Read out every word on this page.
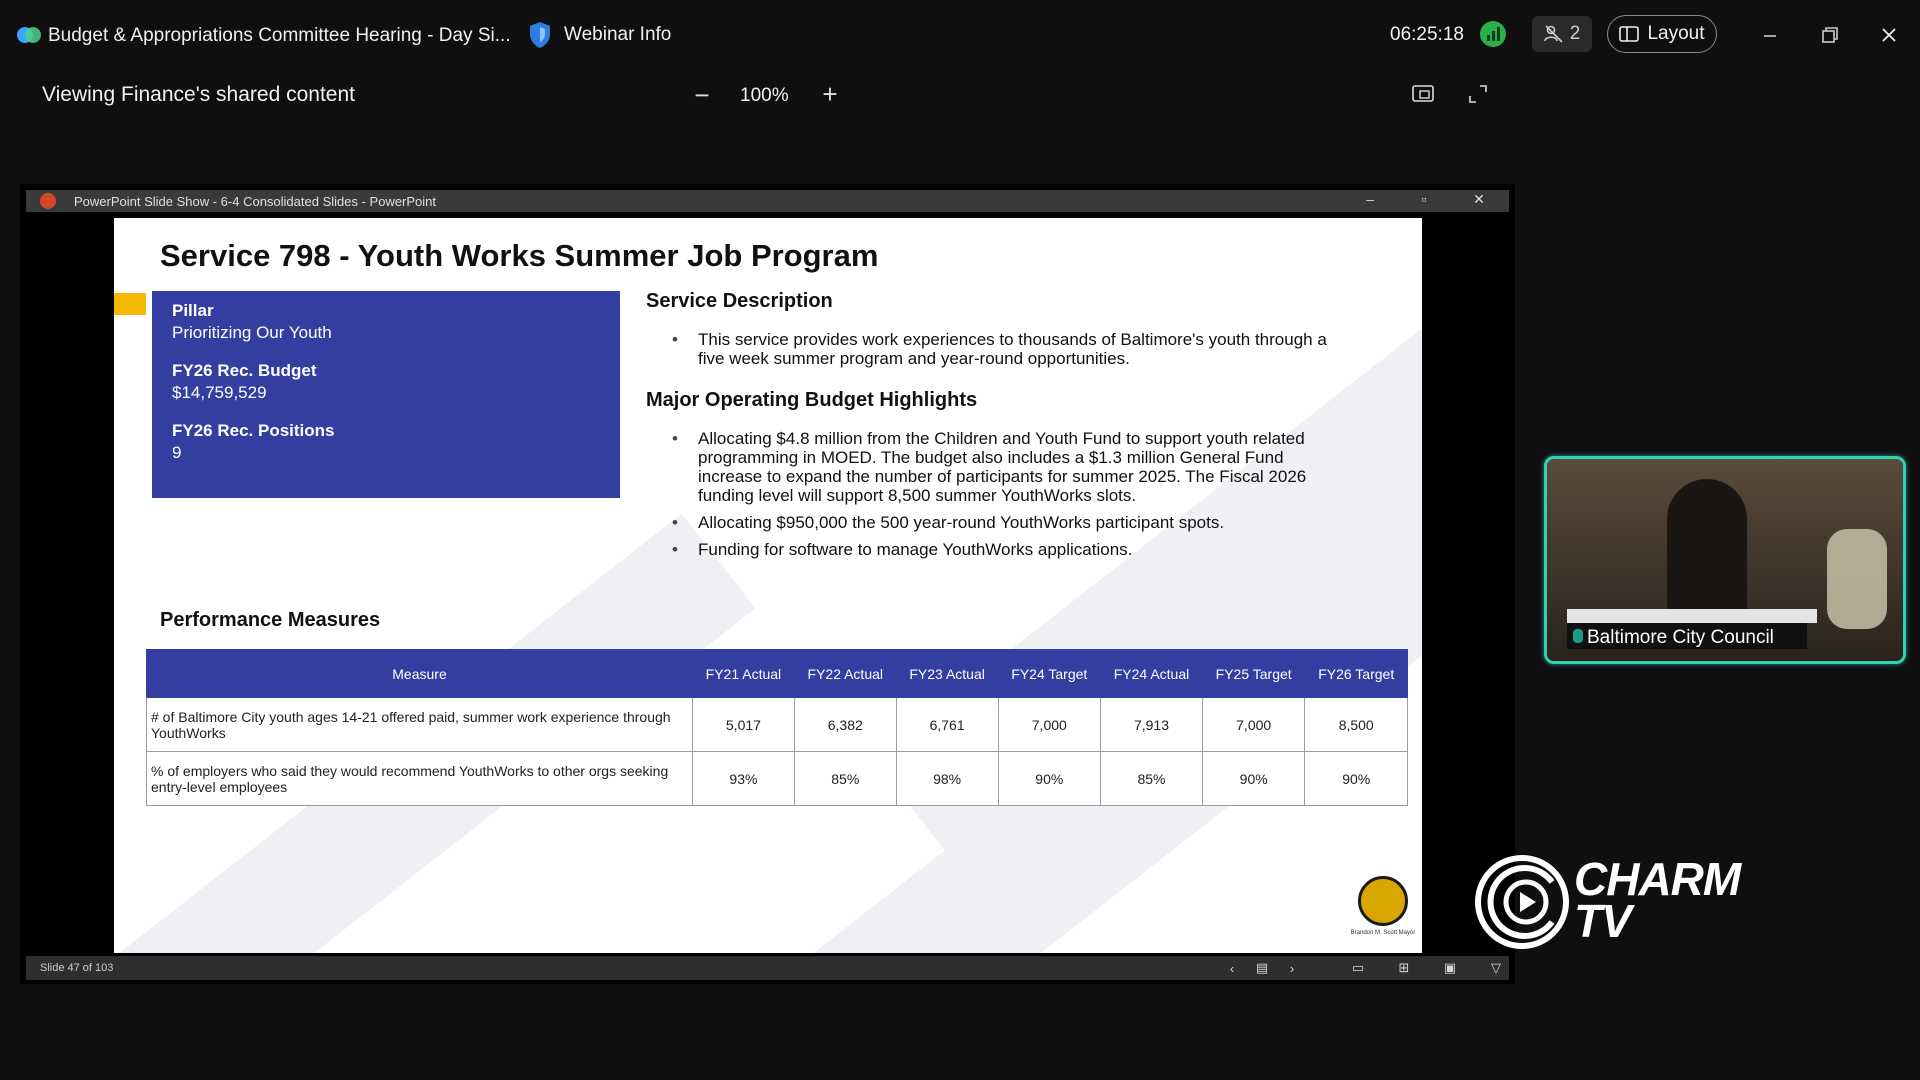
Budget & Appropriations Committee Hearing - Day Si...	Webinar Info	06:25:18	2	Layout
Viewing Finance's shared content	− 100% +
PowerPoint Slide Show - 6-4 Consolidated Slides - PowerPoint	–	▫	✕
Service 798 - Youth Works Summer Job Program
Pillar
Prioritizing Our Youth
FY26 Rec. Budget
$14,759,529
FY26 Rec. Positions
9
Service Description
• This service provides work experiences to thousands of Baltimore's youth through a five week summer program and year-round opportunities.
Major Operating Budget Highlights
• Allocating $4.8 million from the Children and Youth Fund to support youth related programming in MOED. The budget also includes a $1.3 million General Fund increase to expand the number of participants for summer 2025. The Fiscal 2026 funding level will support 8,500 summer YouthWorks slots.
• Allocating $950,000 the 500 year-round YouthWorks participant spots.
• Funding for software to manage YouthWorks applications.
Performance Measures
Measure	FY21 Actual	FY22 Actual	FY23 Actual	FY24 Target	FY24 Actual	FY25 Target	FY26 Target
# of Baltimore City youth ages 14-21 offered paid, summer work experience through YouthWorks	5,017	6,382	6,761	7,000	7,913	7,000	8,500
% of employers who said they would recommend YouthWorks to other orgs seeking entry-level employees	93%	85%	98%	90%	85%	90%	90%
Brandon M. Scott Mayor
Slide 47 of 103	‹	▤	›	▭	⊞	▣	▽
Baltimore City Council
CHARM
TV
